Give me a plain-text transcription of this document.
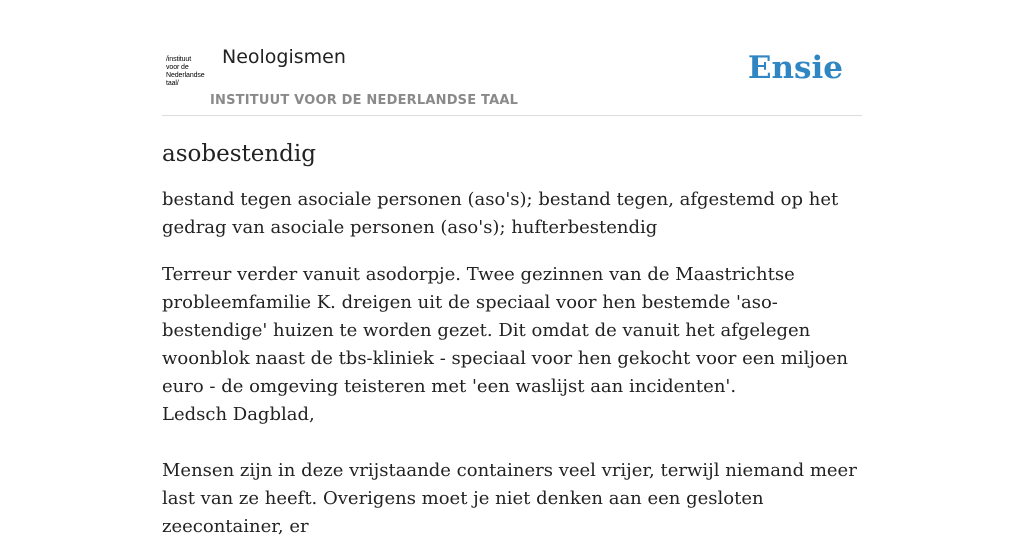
/instituut
voor de
Nederlandse
taal/
Neologismen
INSTITUUT VOOR DE NEDERLANDSE TAAL
Ensie
asobestendig

bestand tegen asociale personen (aso's); bestand tegen, afgestemd op het gedrag van asociale personen (aso's); hufterbestendig

Terreur verder vanuit asodorpje. Twee gezinnen van de Maastrichtse probleemfamilie K. dreigen uit de speciaal voor hen bestemde 'aso-bestendige' huizen te worden gezet. Dit omdat de vanuit het afgelegen woonblok naast de tbs-kliniek - speciaal voor hen gekocht voor een miljoen euro - de omgeving teisteren met 'een waslijst aan incidenten'.

Ledsch Dagblad,

Mensen zijn in deze vrijstaande containers veel vrijer, terwijl niemand meer last van ze heeft. Overigens moet je niet denken aan een gesloten zeecontainer, er
